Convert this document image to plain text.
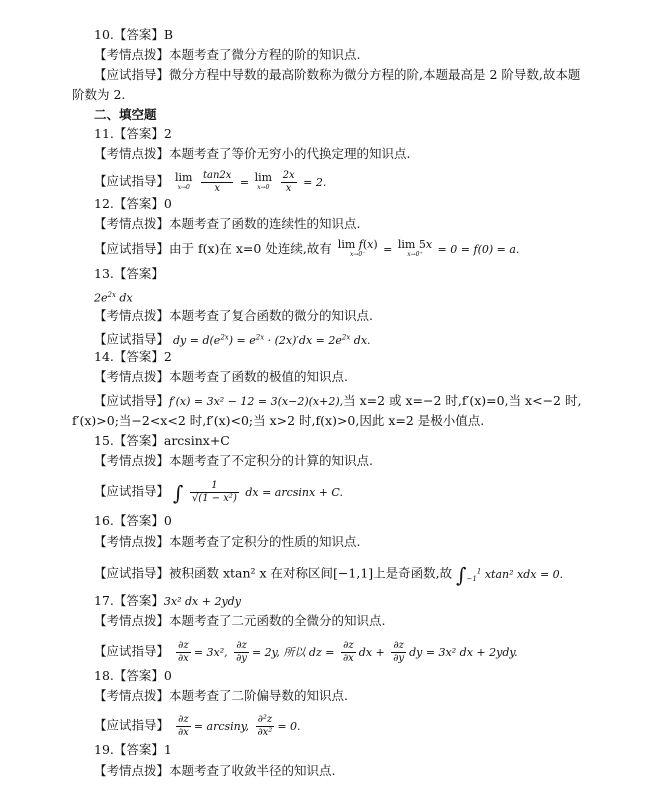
10.【答案】B
【考情点拨】本题考查了微分方程的阶的知识点.
【应试指导】微分方程中导数的最高阶数称为微分方程的阶,本题最高是 2 阶导数,故本题
阶数为 2.
二、填空题
11.【答案】2
【考情点拨】本题考查了等价无穷小的代换定理的知识点.
【应试指导】 lim
x→0
$\frac{\tan 2x}{x} = \lim$
x→0
$\frac{2x}{x} = 2$.
12.【答案】0
【考情点拨】本题考查了函数的连续性的知识点.
【应试指导】由于 f(x)在 x=0 处连续,故有 lim f(x)
x→0⁻	= lim 5x
x→0⁺	= 0 = f(0) = a.
13.【答案】
$2e^{2x}$ dx
【考情点拨】本题考查了复合函数的微分的知识点.
【应试指导】 dy = $d(e^{2x}) = e^{2x} \cdot (2x)'dx = 2e^{2x}$ dx.
14.【答案】2
【考情点拨】本题考查了函数的极值的知识点.
【应试指导】f′(x) = 3x² − 12 = 3(x−2)(x+2),当 x=2 或 x=−2 时,f′(x)=0,当 x<−2 时,
f′(x)>0;当−2<x<2 时,f′(x)<0;当 x>2 时,f(x)>0,因此 x=2 是极小值点.
15.【答案】arcsinx+C
【考情点拨】本题考查了不定积分的计算的知识点.
【应试指导】 ∫ $\frac{1}{\text{√(1 − x²)}}$ dx = arcsinx + C.
16.【答案】0
【考情点拨】本题考查了定积分的性质的知识点.
【应试指导】被积函数 xtan² x 在对称区间[−1,1]上是奇函数,故 $\int_{-1}^1$ xtan² xdx = 0.
17.【答案】3x² dx + 2ydy
【考情点拨】本题考查了二元函数的全微分的知识点.
【应试指导】 $\frac{\partial z}{\partial x} = 3x^2$, $\frac{\partial z}{\partial y} = 2y$, 所以 dz = $\frac{\partial z}{\partial x}$ dx + $\frac{\partial z}{\partial y}$ dy = 3x² dx + 2ydy.
18.【答案】0
【考情点拨】本题考查了二阶偏导数的知识点.
【应试指导】 $\frac{\partial z}{\partial x} = \arcsin y$, $\frac{\text{∂²z}}{\text{∂x²}} = 0$.
19.【答案】1
【考情点拨】本题考查了收敛半径的知识点.
